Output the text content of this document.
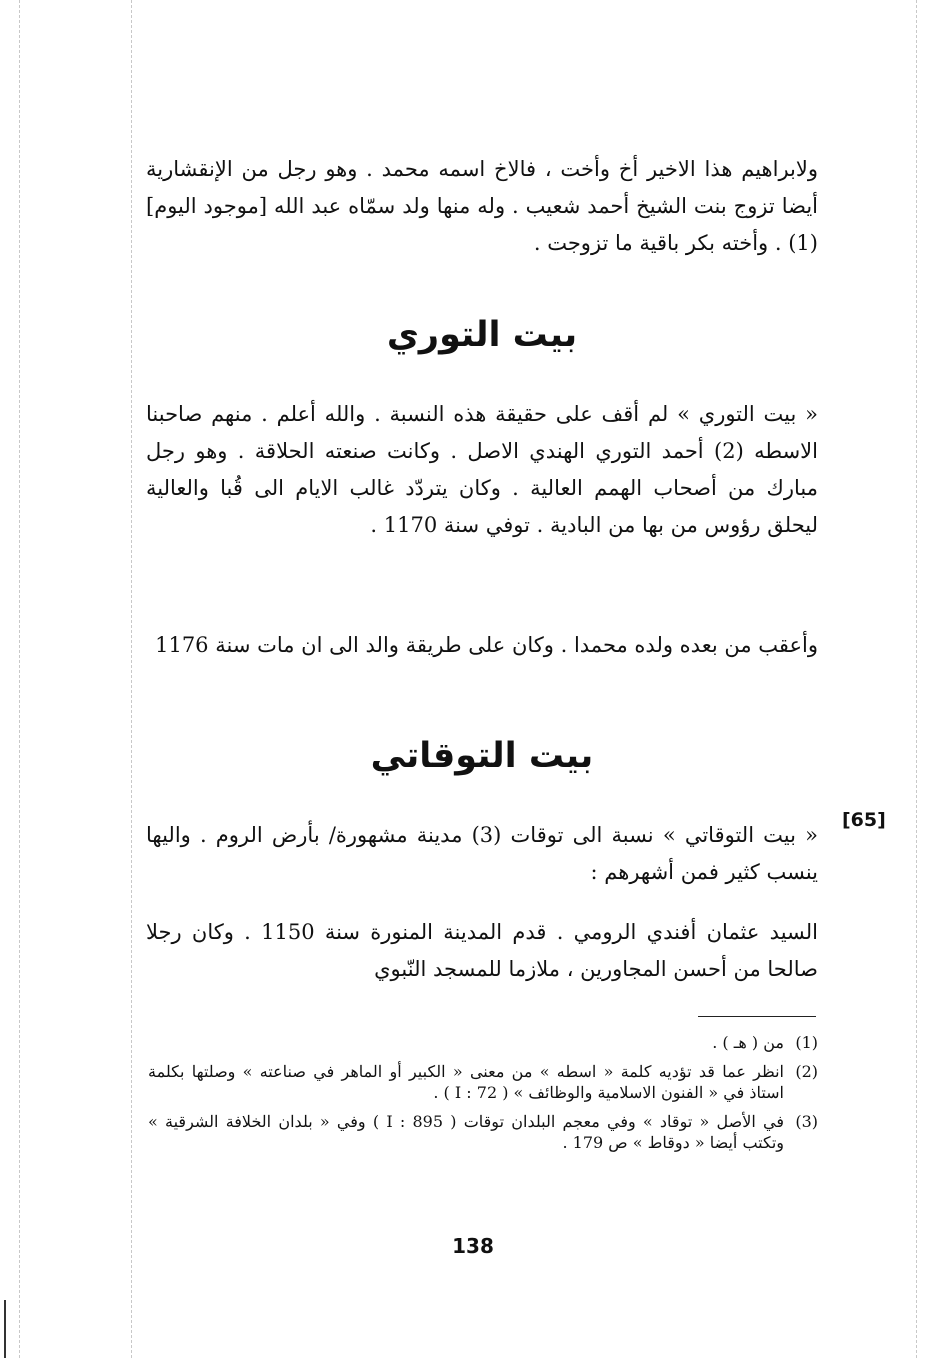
ولابراهيم هذا الاخير أخ وأخت ، فالاخ اسمه محمد . وهو رجل من الإنقشارية أيضا تزوج بنت الشيخ أحمد شعيب . وله منها ولد سمّاه عبد الله [موجود اليوم] (1) . وأخته بكر باقية ما تزوجت .

بيت التوري

« بيت التوري » لم أقف على حقيقة هذه النسبة . والله أعلم . منهم صاحبنا الاسطه (2) أحمد التوري الهندي الاصل . وكانت صنعته الحلاقة . وهو رجل مبارك من أصحاب الهمم العالية . وكان يتردّد غالب الايام الى قُبا والعالية ليحلق رؤوس من بها من البادية . توفي سنة 1170 .

وأعقب من بعده ولده محمدا . وكان على طريقة والد الى ان مات سنة 1176

بيت التوقاتي
[65]

« بيت التوقاتي » نسبة الى توقات (3) مدينة مشهورة/ بأرض الروم . واليها ينسب كثير فمن أشهرهم :

السيد عثمان أفندي الرومي . قدم المدينة المنورة سنة 1150 . وكان رجلا صالحا من أحسن المجاورين ، ملازما للمسجد النّبوي

(1)
من ( هـ ) .
(2)
انظر عما قد تؤديه كلمة « اسطه » من معنى « الكبير أو الماهر في صناعته » وصلتها بكلمة استاذ في « الفنون الاسلامية والوظائف » ( 72 : I ) .
(3)
في الأصل « توقاد » وفي معجم البلدان توقات ( I : 895 ) وفي « بلدان الخلافة الشرقية » وتكتب أيضا « دوقاط » ص 179 .
138
